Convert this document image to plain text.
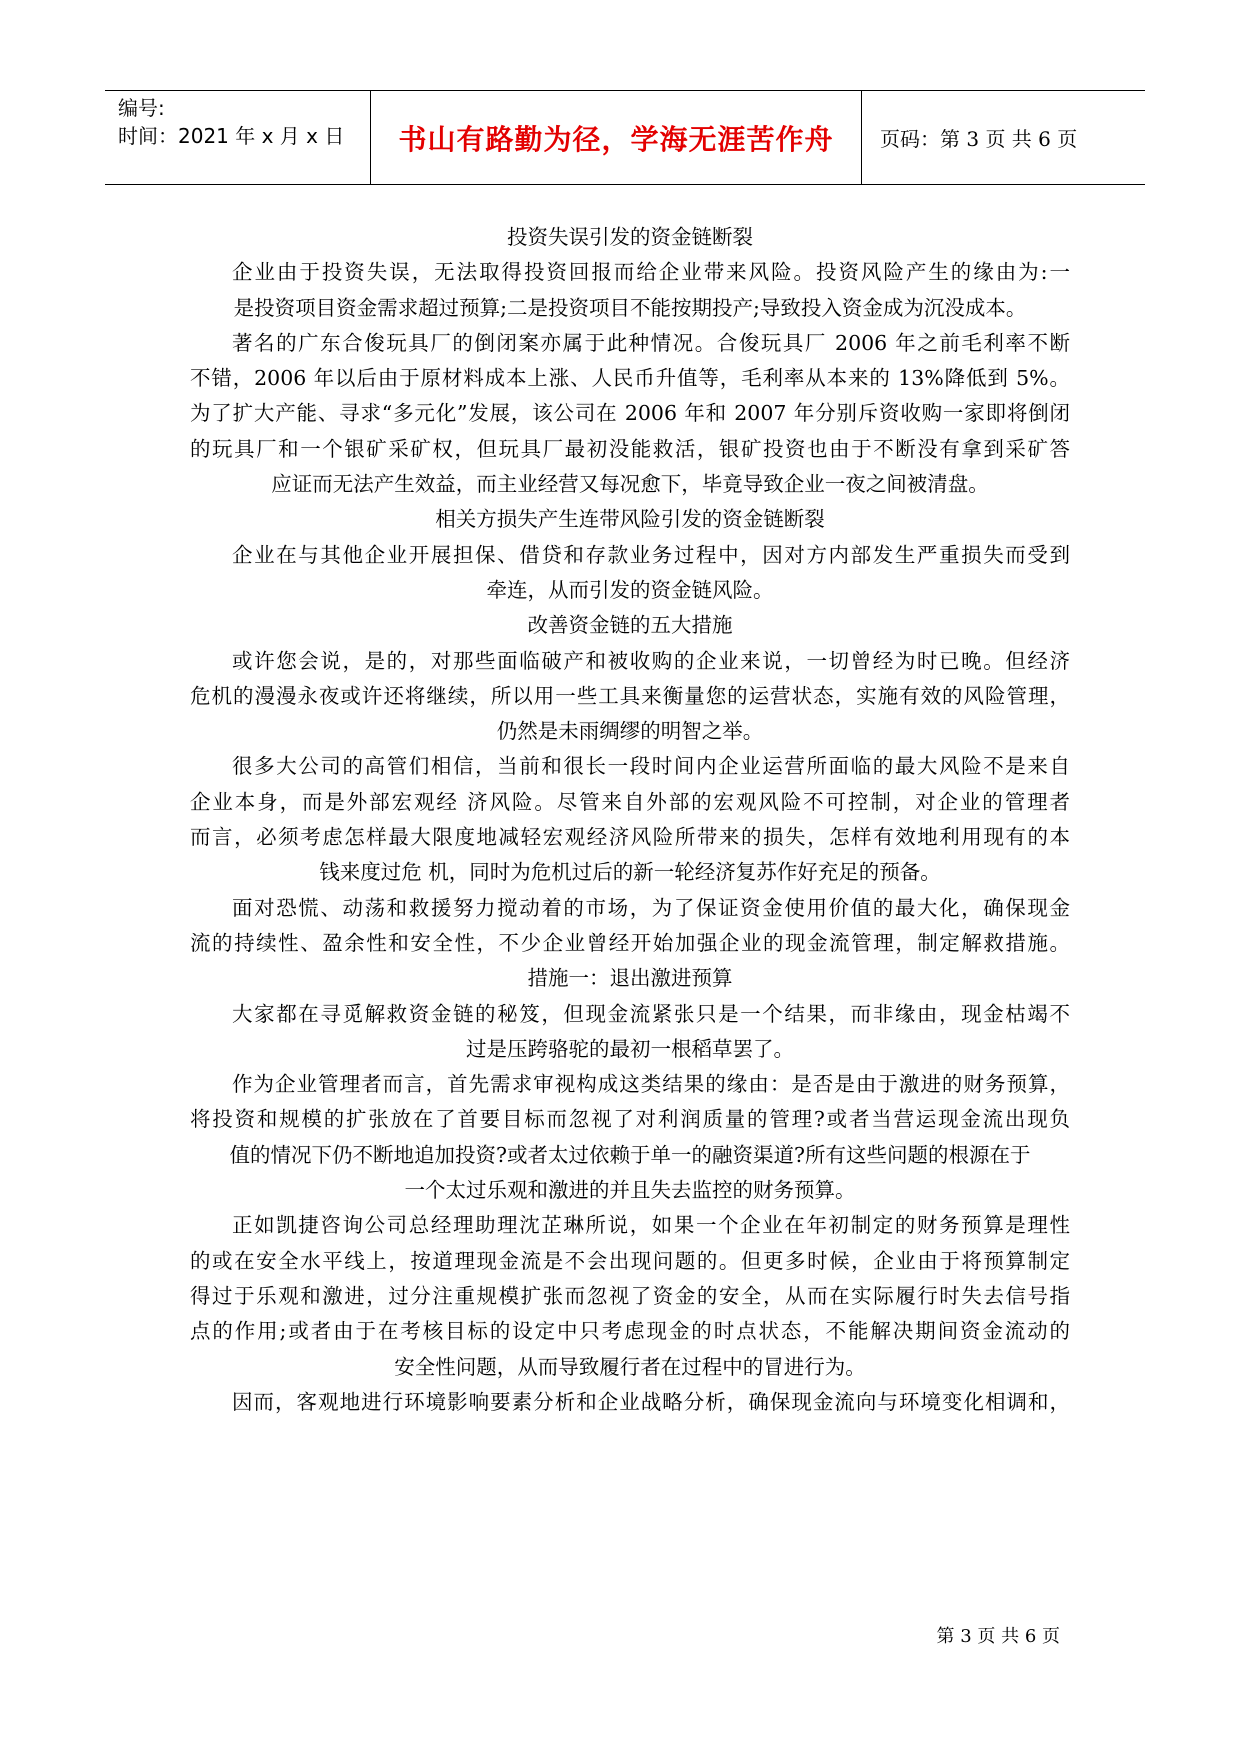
编号:
时间：2021 年 x 月 x 日 书山有路勤为径，学海无涯苦作舟 页码：第 3 页 共 6 页
投资失误引发的资金链断裂
企业由于投资失误，无法取得投资回报而给企业带来风险。投资风险产生的缘由为:一
是投资项目资金需求超过预算;二是投资项目不能按期投产;导致投入资金成为沉没成本。
著名的广东合俊玩具厂的倒闭案亦属于此种情况。合俊玩具厂 2006 年之前毛利率不断
不错，2006 年以后由于原材料成本上涨、人民币升值等，毛利率从本来的 13%降低到 5%。
为了扩大产能、寻求“多元化”发展，该公司在 2006 年和 2007 年分别斥资收购一家即将倒闭
的玩具厂和一个银矿采矿权，但玩具厂最初没能救活，银矿投资也由于不断没有拿到采矿答
应证而无法产生效益，而主业经营又每况愈下，毕竟导致企业一夜之间被清盘。
相关方损失产生连带风险引发的资金链断裂
企业在与其他企业开展担保、借贷和存款业务过程中，因对方内部发生严重损失而受到
牵连，从而引发的资金链风险。
改善资金链的五大措施
或许您会说，是的，对那些面临破产和被收购的企业来说，一切曾经为时已晚。但经济
危机的漫漫永夜或许还将继续，所以用一些工具来衡量您的运营状态，实施有效的风险管理，
仍然是未雨绸缪的明智之举。
很多大公司的高管们相信，当前和很长一段时间内企业运营所面临的最大风险不是来自
企业本身，而是外部宏观经 济风险。尽管来自外部的宏观风险不可控制，对企业的管理者
而言，必须考虑怎样最大限度地减轻宏观经济风险所带来的损失，怎样有效地利用现有的本
钱来度过危 机，同时为危机过后的新一轮经济复苏作好充足的预备。
面对恐慌、动荡和救援努力搅动着的市场，为了保证资金使用价值的最大化，确保现金
流的持续性、盈余性和安全性，不少企业曾经开始加强企业的现金流管理，制定解救措施。
措施一：退出激进预算
大家都在寻觅解救资金链的秘笈，但现金流紧张只是一个结果，而非缘由，现金枯竭不
过是压跨骆驼的最初一根稻草罢了。
作为企业管理者而言，首先需求审视构成这类结果的缘由：是否是由于激进的财务预算，
将投资和规模的扩张放在了首要目标而忽视了对利润质量的管理?或者当营运现金流出现负
值的情况下仍不断地追加投资?或者太过依赖于单一的融资渠道?所有这些问题的根源在于
一个太过乐观和激进的并且失去监控的财务预算。
正如凯捷咨询公司总经理助理沈芷琳所说，如果一个企业在年初制定的财务预算是理性
的或在安全水平线上，按道理现金流是不会出现问题的。但更多时候，企业由于将预算制定
得过于乐观和激进，过分注重规模扩张而忽视了资金的安全，从而在实际履行时失去信号指
点的作用;或者由于在考核目标的设定中只考虑现金的时点状态，不能解决期间资金流动的
安全性问题，从而导致履行者在过程中的冒进行为。
因而，客观地进行环境影响要素分析和企业战略分析，确保现金流向与环境变化相调和，
第 3 页 共 6 页
